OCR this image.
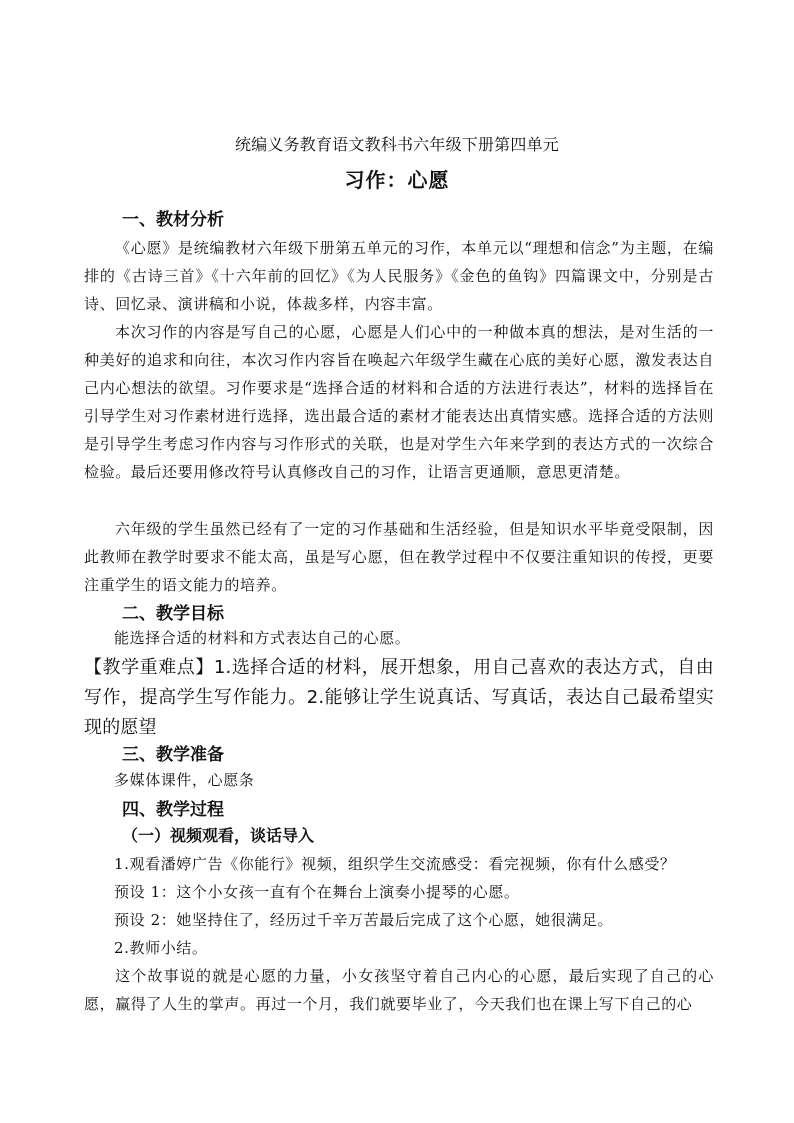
统编义务教育语文教科书六年级下册第四单元
习作：心愿
一、教材分析
《心愿》是统编教材六年级下册第五单元的习作，本单元以“理想和信念”为主题，在编排的《古诗三首》《十六年前的回忆》《为人民服务》《金色的鱼钩》四篇课文中，分别是古诗、回忆录、演讲稿和小说，体裁多样，内容丰富。
本次习作的内容是写自己的心愿，心愿是人们心中的一种做本真的想法，是对生活的一种美好的追求和向往，本次习作内容旨在唤起六年级学生藏在心底的美好心愿，激发表达自己内心想法的欲望。习作要求是“选择合适的材料和合适的方法进行表达”，材料的选择旨在引导学生对习作素材进行选择，选出最合适的素材才能表达出真情实感。选择合适的方法则是引导学生考虑习作内容与习作形式的关联，也是对学生六年来学到的表达方式的一次综合检验。最后还要用修改符号认真修改自己的习作，让语言更通顺，意思更清楚。
六年级的学生虽然已经有了一定的习作基础和生活经验，但是知识水平毕竟受限制，因此教师在教学时要求不能太高，虽是写心愿，但在教学过程中不仅要注重知识的传授，更要注重学生的语文能力的培养。
二、教学目标
能选择合适的材料和方式表达自己的心愿。
【教学重难点】1.选择合适的材料，展开想象，用自己喜欢的表达方式，自由写作，提高学生写作能力。2.能够让学生说真话、写真话，表达自己最希望实现的愿望
三、教学准备
多媒体课件，心愿条
四、教学过程
（一）视频观看，谈话导入
1.观看潘婷广告《你能行》视频，组织学生交流感受：看完视频，你有什么感受？
预设 1：这个小女孩一直有个在舞台上演奏小提琴的心愿。
预设 2：她坚持住了，经历过千辛万苦最后完成了这个心愿，她很满足。
2.教师小结。
这个故事说的就是心愿的力量，小女孩坚守着自己内心的心愿，最后实现了自己的心愿，赢得了人生的掌声。再过一个月，我们就要毕业了，今天我们也在课上写下自己的心
